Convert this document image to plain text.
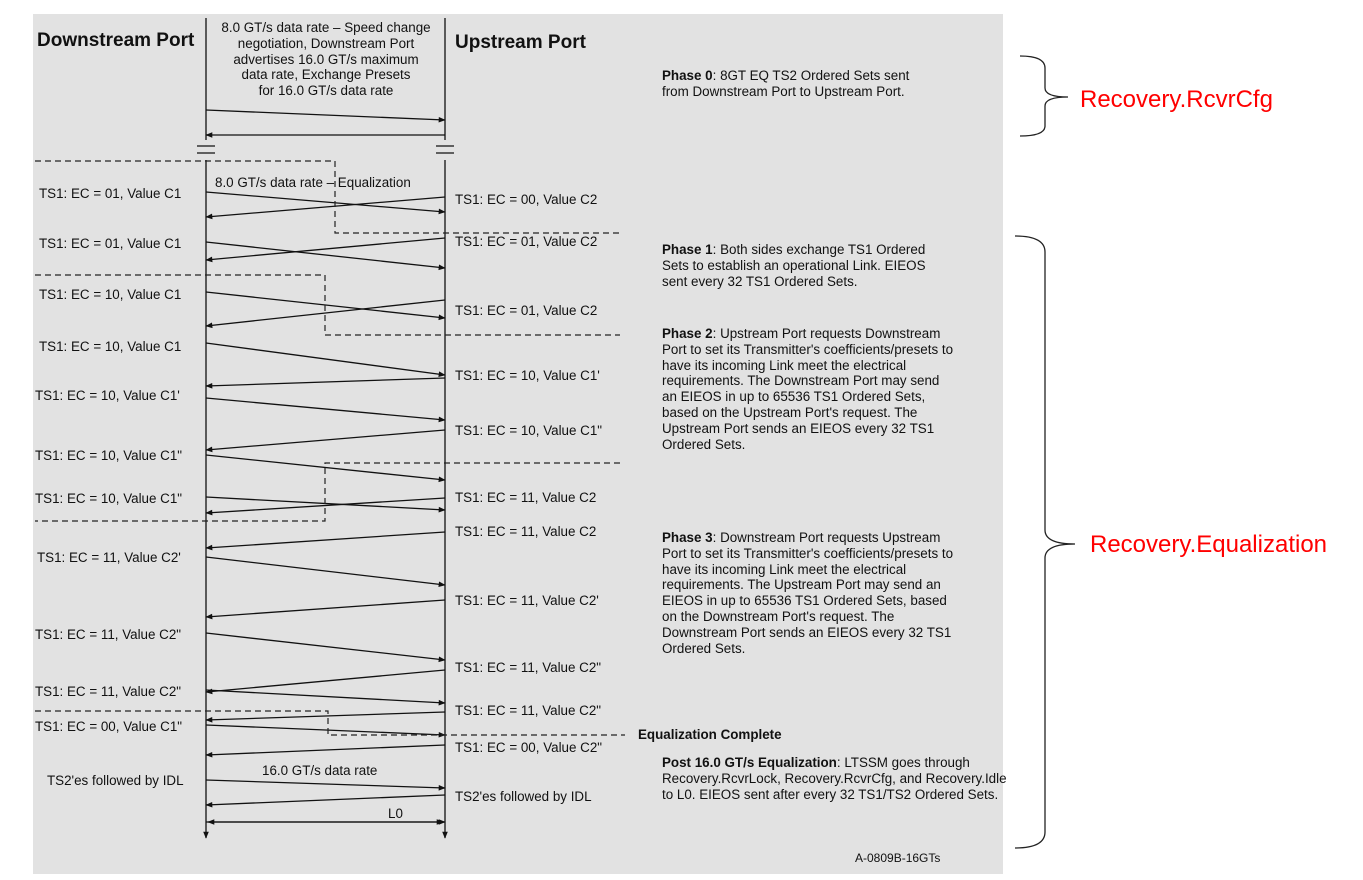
Downstream Port	Upstream Port
8.0 GT/s data rate – Speed change
negotiation, Downstream Port
advertises 16.0 GT/s maximum
data rate, Exchange Presets
for 16.0 GT/s data rate
8.0 GT/s data rate – Equalization
16.0 GT/s data rate
L0
TS1: EC = 01, Value C1
TS1: EC = 01, Value C1
TS1: EC = 10, Value C1
TS1: EC = 10, Value C1
TS1: EC = 10, Value C1'
TS1: EC = 10, Value C1"
TS1: EC = 10, Value C1"
TS1: EC = 11, Value C2'
TS1: EC = 11, Value C2"
TS1: EC = 11, Value C2"
TS1: EC = 00, Value C1"
TS2'es followed by IDL
TS1: EC = 00, Value C2
TS1: EC = 01, Value C2
TS1: EC = 01, Value C2
TS1: EC = 10, Value C1'
TS1: EC = 10, Value C1"
TS1: EC = 11, Value C2
TS1: EC = 11, Value C2
TS1: EC = 11, Value C2'
TS1: EC = 11, Value C2"
TS1: EC = 11, Value C2"
TS1: EC = 00, Value C2"
TS2'es followed by IDL
Phase 0: 8GT EQ TS2 Ordered Sets sent from Downstream Port to Upstream Port.
Phase 1: Both sides exchange TS1 Ordered Sets to establish an operational Link. EIEOS sent every 32 TS1 Ordered Sets.
Phase 2: Upstream Port requests Downstream Port to set its Transmitter's coefficients/presets to have its incoming Link meet the electrical requirements. The Downstream Port may send an EIEOS in up to 65536 TS1 Ordered Sets, based on the Upstream Port's request. The Upstream Port sends an EIEOS every 32 TS1 Ordered Sets.
Phase 3: Downstream Port requests Upstream Port to set its Transmitter's coefficients/presets to have its incoming Link meet the electrical requirements. The Upstream Port may send an EIEOS in up to 65536 TS1 Ordered Sets, based on the Downstream Port's request. The Downstream Port sends an EIEOS every 32 TS1 Ordered Sets.
Equalization Complete
Post 16.0 GT/s Equalization: LTSSM goes through Recovery.RcvrLock, Recovery.RcvrCfg, and Recovery.Idle to L0. EIEOS sent after every 32 TS1/TS2 Ordered Sets.
A-0809B-16GTs
Recovery.RcvrCfg
Recovery.Equalization
